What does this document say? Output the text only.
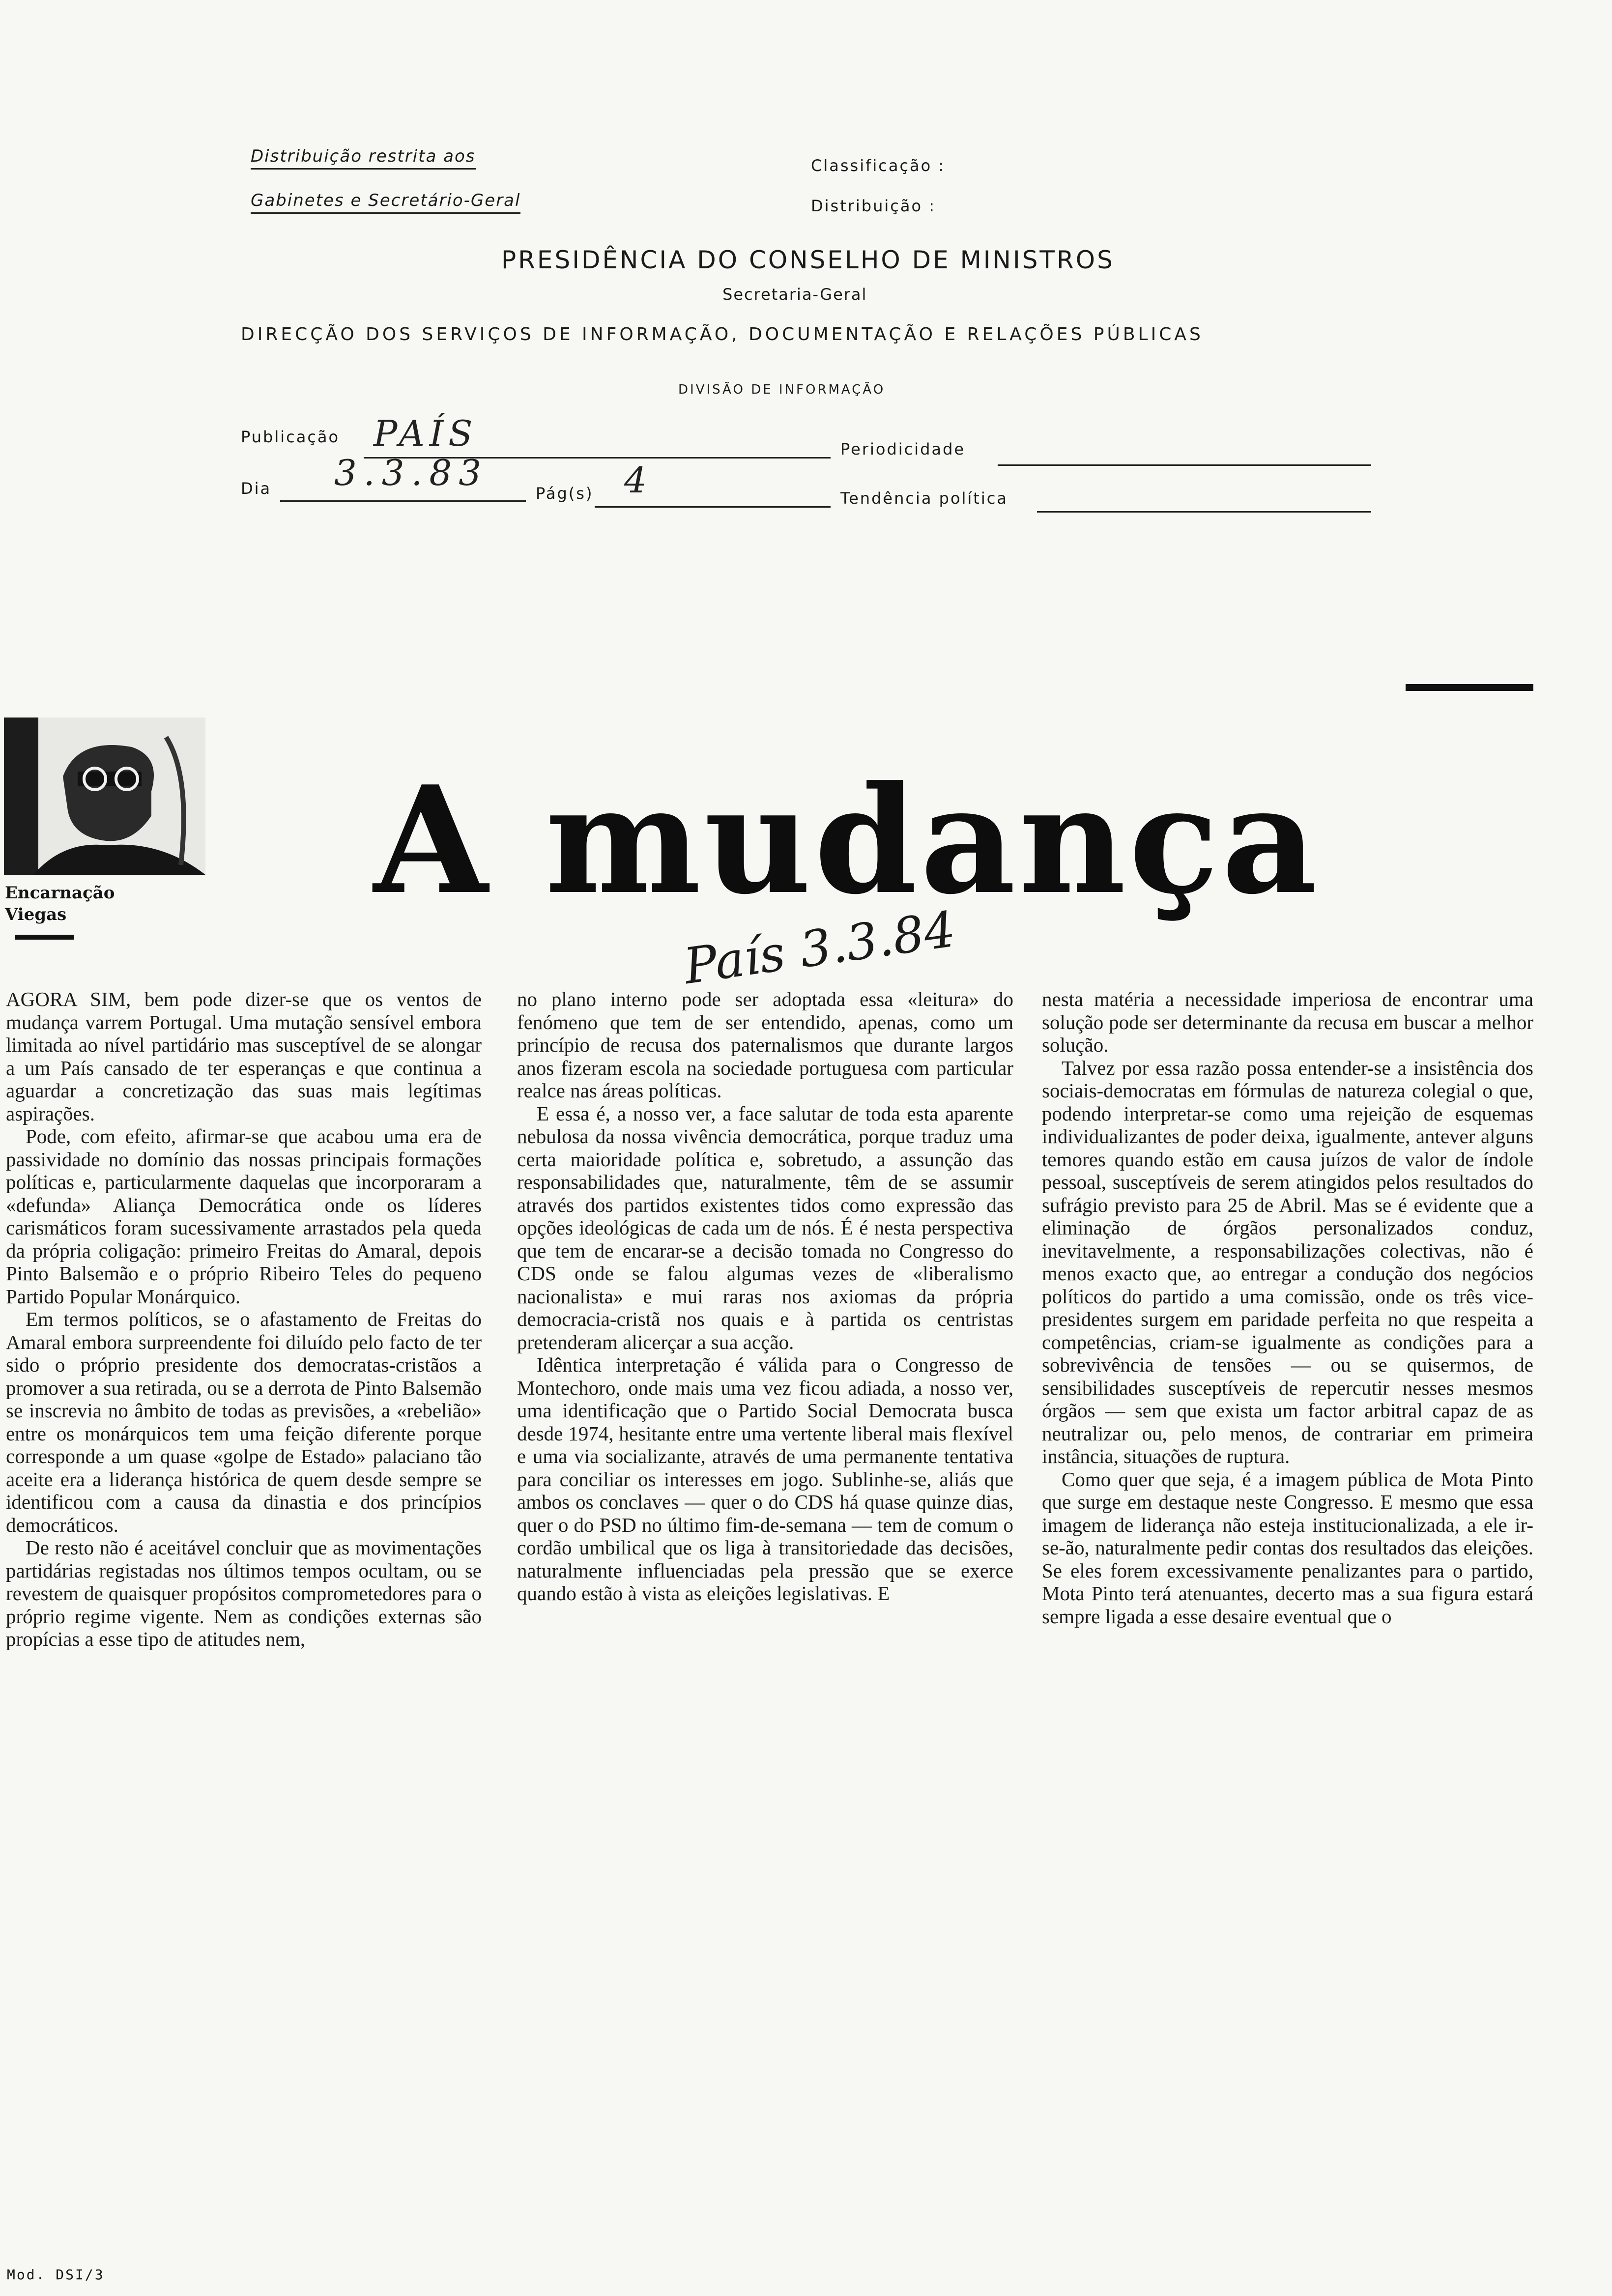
Distribuição restrita aos
Gabinetes e Secretário-Geral
Classificação :
Distribuição :
PRESIDÊNCIA DO CONSELHO DE MINISTROS
Secretaria-Geral
DIRECÇÃO DOS SERVIÇOS DE INFORMAÇÃO, DOCUMENTAÇÃO E RELAÇÕES PÚBLICAS
DIVISÃO DE INFORMAÇÃO
Publicação PAÍS	Periodicidade
Dia 3.3.83	Pág(s) 4	Tendência política
Encarnação
Viegas	A mudança
País 3.3.84

AGORA SIM, bem pode dizer-se que os ventos de mudança varrem Portugal. Uma mutação sensível embora limitada ao nível partidário mas susceptível de se alongar a um País cansado de ter esperanças e que continua a aguardar a concretização das suas mais legítimas aspirações.

Pode, com efeito, afirmar-se que acabou uma era de passividade no domínio das nossas principais formações políticas e, particularmente daquelas que incorporaram a «defunda» Aliança Democrática onde os líderes carismáticos foram sucessivamente arrastados pela queda da própria coligação: primeiro Freitas do Amaral, depois Pinto Balsemão e o próprio Ribeiro Teles do pequeno Partido Popular Monárquico.

Em termos políticos, se o afastamento de Freitas do Amaral embora surpreendente foi diluído pelo facto de ter sido o próprio presidente dos democratas-cristãos a promover a sua retirada, ou se a derrota de Pinto Balsemão se inscrevia no âmbito de todas as previsões, a «rebelião» entre os monárquicos tem uma feição diferente porque corresponde a um quase «golpe de Estado» palaciano tão aceite era a liderança histórica de quem desde sempre se identificou com a causa da dinastia e dos princípios democráticos.

De resto não é aceitável concluir que as movimentações partidárias registadas nos últimos tempos ocultam, ou se revestem de quaisquer propósitos comprometedores para o próprio regime vigente. Nem as condições externas são propícias a esse tipo de atitudes nem,

no plano interno pode ser adoptada essa «leitura» do fenómeno que tem de ser entendido, apenas, como um princípio de recusa dos paternalismos que durante largos anos fizeram escola na sociedade portuguesa com particular realce nas áreas políticas.

E essa é, a nosso ver, a face salutar de toda esta aparente nebulosa da nossa vivência democrática, porque traduz uma certa maioridade política e, sobretudo, a assunção das responsabilidades que, naturalmente, têm de se assumir através dos partidos existentes tidos como expressão das opções ideológicas de cada um de nós. É é nesta perspectiva que tem de encarar-se a decisão tomada no Congresso do CDS onde se falou algumas vezes de «liberalismo nacionalista» e mui raras nos axiomas da própria democracia-cristã nos quais e à partida os centristas pretenderam alicerçar a sua acção.

Idêntica interpretação é válida para o Congresso de Montechoro, onde mais uma vez ficou adiada, a nosso ver, uma identificação que o Partido Social Democrata busca desde 1974, hesitante entre uma vertente liberal mais flexível e uma via socializante, através de uma permanente tentativa para conciliar os interesses em jogo. Sublinhe-se, aliás que ambos os conclaves — quer o do CDS há quase quinze dias, quer o do PSD no último fim-de-semana — tem de comum o cordão umbilical que os liga à transitoriedade das decisões, naturalmente influenciadas pela pressão que se exerce quando estão à vista as eleições legislativas. E

nesta matéria a necessidade imperiosa de encontrar uma solução pode ser determinante da recusa em buscar a melhor solução.

Talvez por essa razão possa entender-se a insistência dos sociais-democratas em fórmulas de natureza colegial o que, podendo interpretar-se como uma rejeição de esquemas individualizantes de poder deixa, igualmente, antever alguns temores quando estão em causa juízos de valor de índole pessoal, susceptíveis de serem atingidos pelos resultados do sufrágio previsto para 25 de Abril. Mas se é evidente que a eliminação de órgãos personalizados conduz, inevitavelmente, a responsabilizações colectivas, não é menos exacto que, ao entregar a condução dos negócios políticos do partido a uma comissão, onde os três vice-presidentes surgem em paridade perfeita no que respeita a competências, criam-se igualmente as condições para a sobrevivência de tensões — ou se quisermos, de sensibilidades susceptíveis de repercutir nesses mesmos órgãos — sem que exista um factor arbitral capaz de as neutralizar ou, pelo menos, de contrariar em primeira instância, situações de ruptura.

Como quer que seja, é a imagem pública de Mota Pinto que surge em destaque neste Congresso. E mesmo que essa imagem de liderança não esteja institucionalizada, a ele ir-se-ão, naturalmente pedir contas dos resultados das eleições. Se eles forem excessivamente penalizantes para o partido, Mota Pinto terá atenuantes, decerto mas a sua figura estará sempre ligada a esse desaire eventual que o

Mod. DSI/3
